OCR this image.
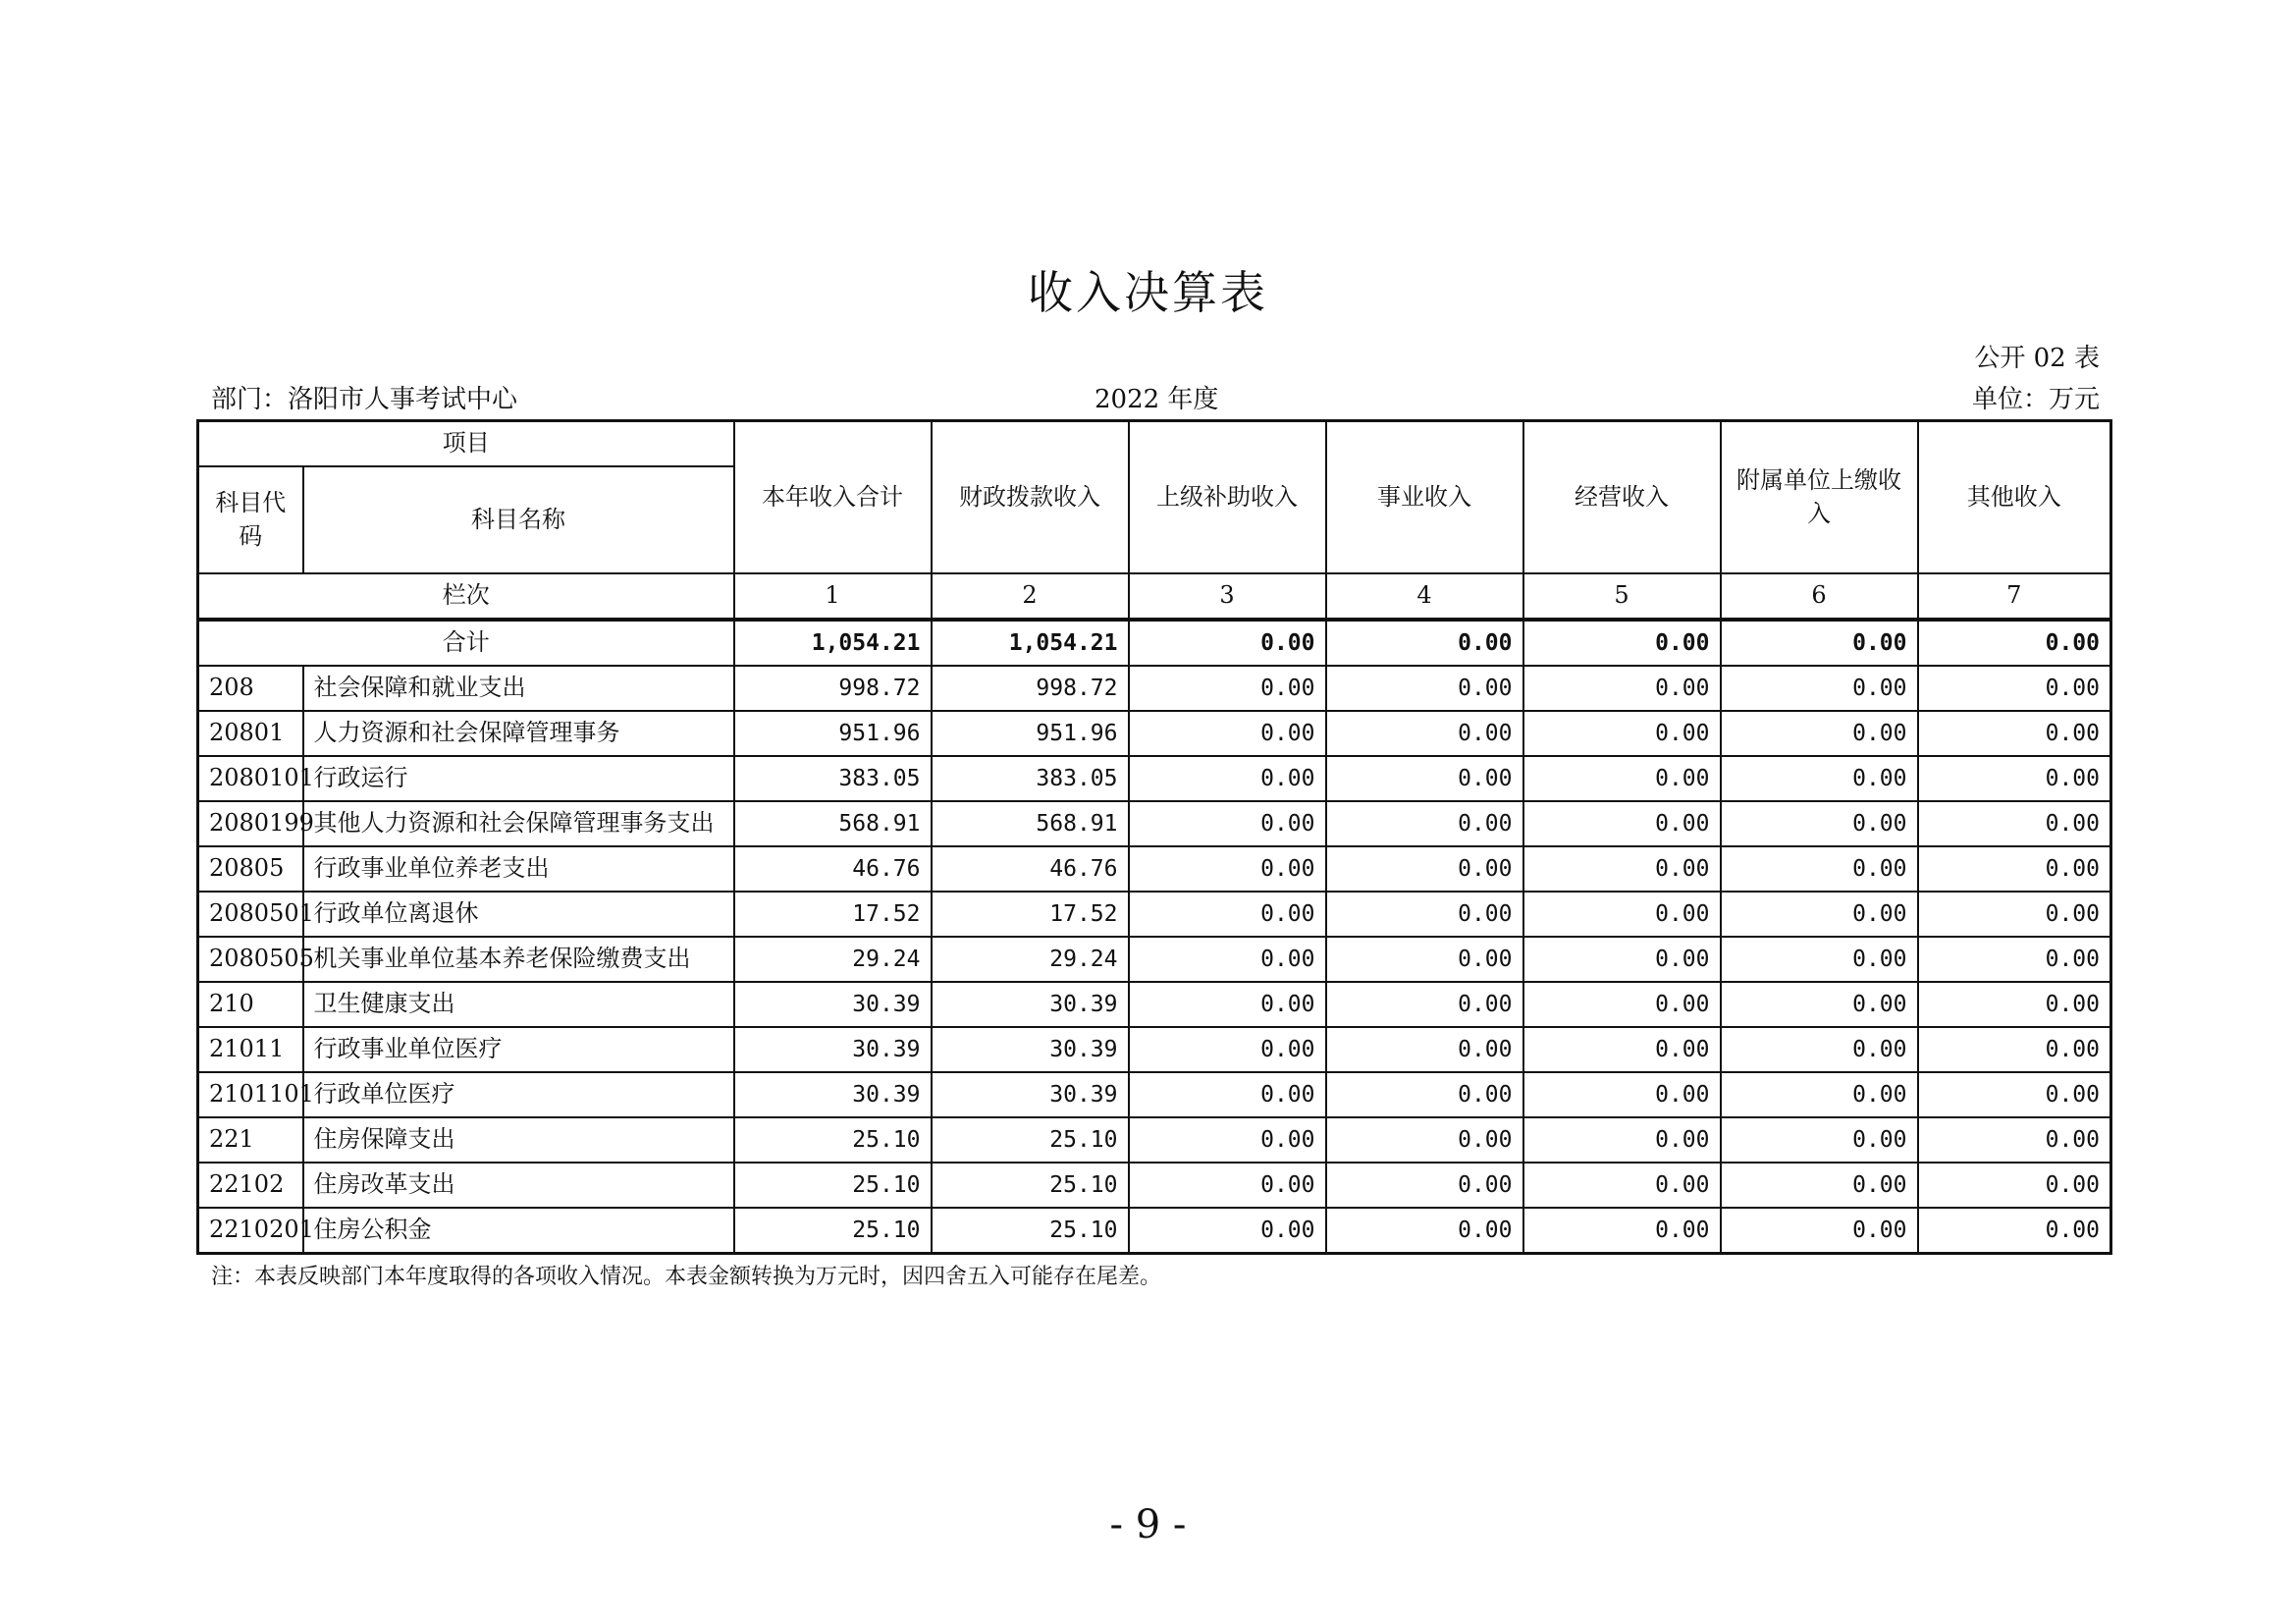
收入决算表
公开 02 表
部门：洛阳市人事考试中心	2022 年度	单位：万元
项目		本年收入合计	财政拨款收入	上级补助收入	事业收入	经营收入	附属单位上缴收入	其他收入
科目代码	科目名称							
栏次		1	2	3	4	5	6	7
合计		1,054.21	1,054.21	0.00	0.00	0.00	0.00	0.00
208	社会保障和就业支出	998.72	998.72	0.00	0.00	0.00	0.00	0.00
20801	人力资源和社会保障管理事务	951.96	951.96	0.00	0.00	0.00	0.00	0.00
2080101	行政运行	383.05	383.05	0.00	0.00	0.00	0.00	0.00
2080199	其他人力资源和社会保障管理事务支出	568.91	568.91	0.00	0.00	0.00	0.00	0.00
20805	行政事业单位养老支出	46.76	46.76	0.00	0.00	0.00	0.00	0.00
2080501	行政单位离退休	17.52	17.52	0.00	0.00	0.00	0.00	0.00
2080505	机关事业单位基本养老保险缴费支出	29.24	29.24	0.00	0.00	0.00	0.00	0.00
210	卫生健康支出	30.39	30.39	0.00	0.00	0.00	0.00	0.00
21011	行政事业单位医疗	30.39	30.39	0.00	0.00	0.00	0.00	0.00
2101101	行政单位医疗	30.39	30.39	0.00	0.00	0.00	0.00	0.00
221	住房保障支出	25.10	25.10	0.00	0.00	0.00	0.00	0.00
22102	住房改革支出	25.10	25.10	0.00	0.00	0.00	0.00	0.00
2210201	住房公积金	25.10	25.10	0.00	0.00	0.00	0.00	0.00
注：本表反映部门本年度取得的各项收入情况。本表金额转换为万元时，因四舍五入可能存在尾差。
- 9 -
